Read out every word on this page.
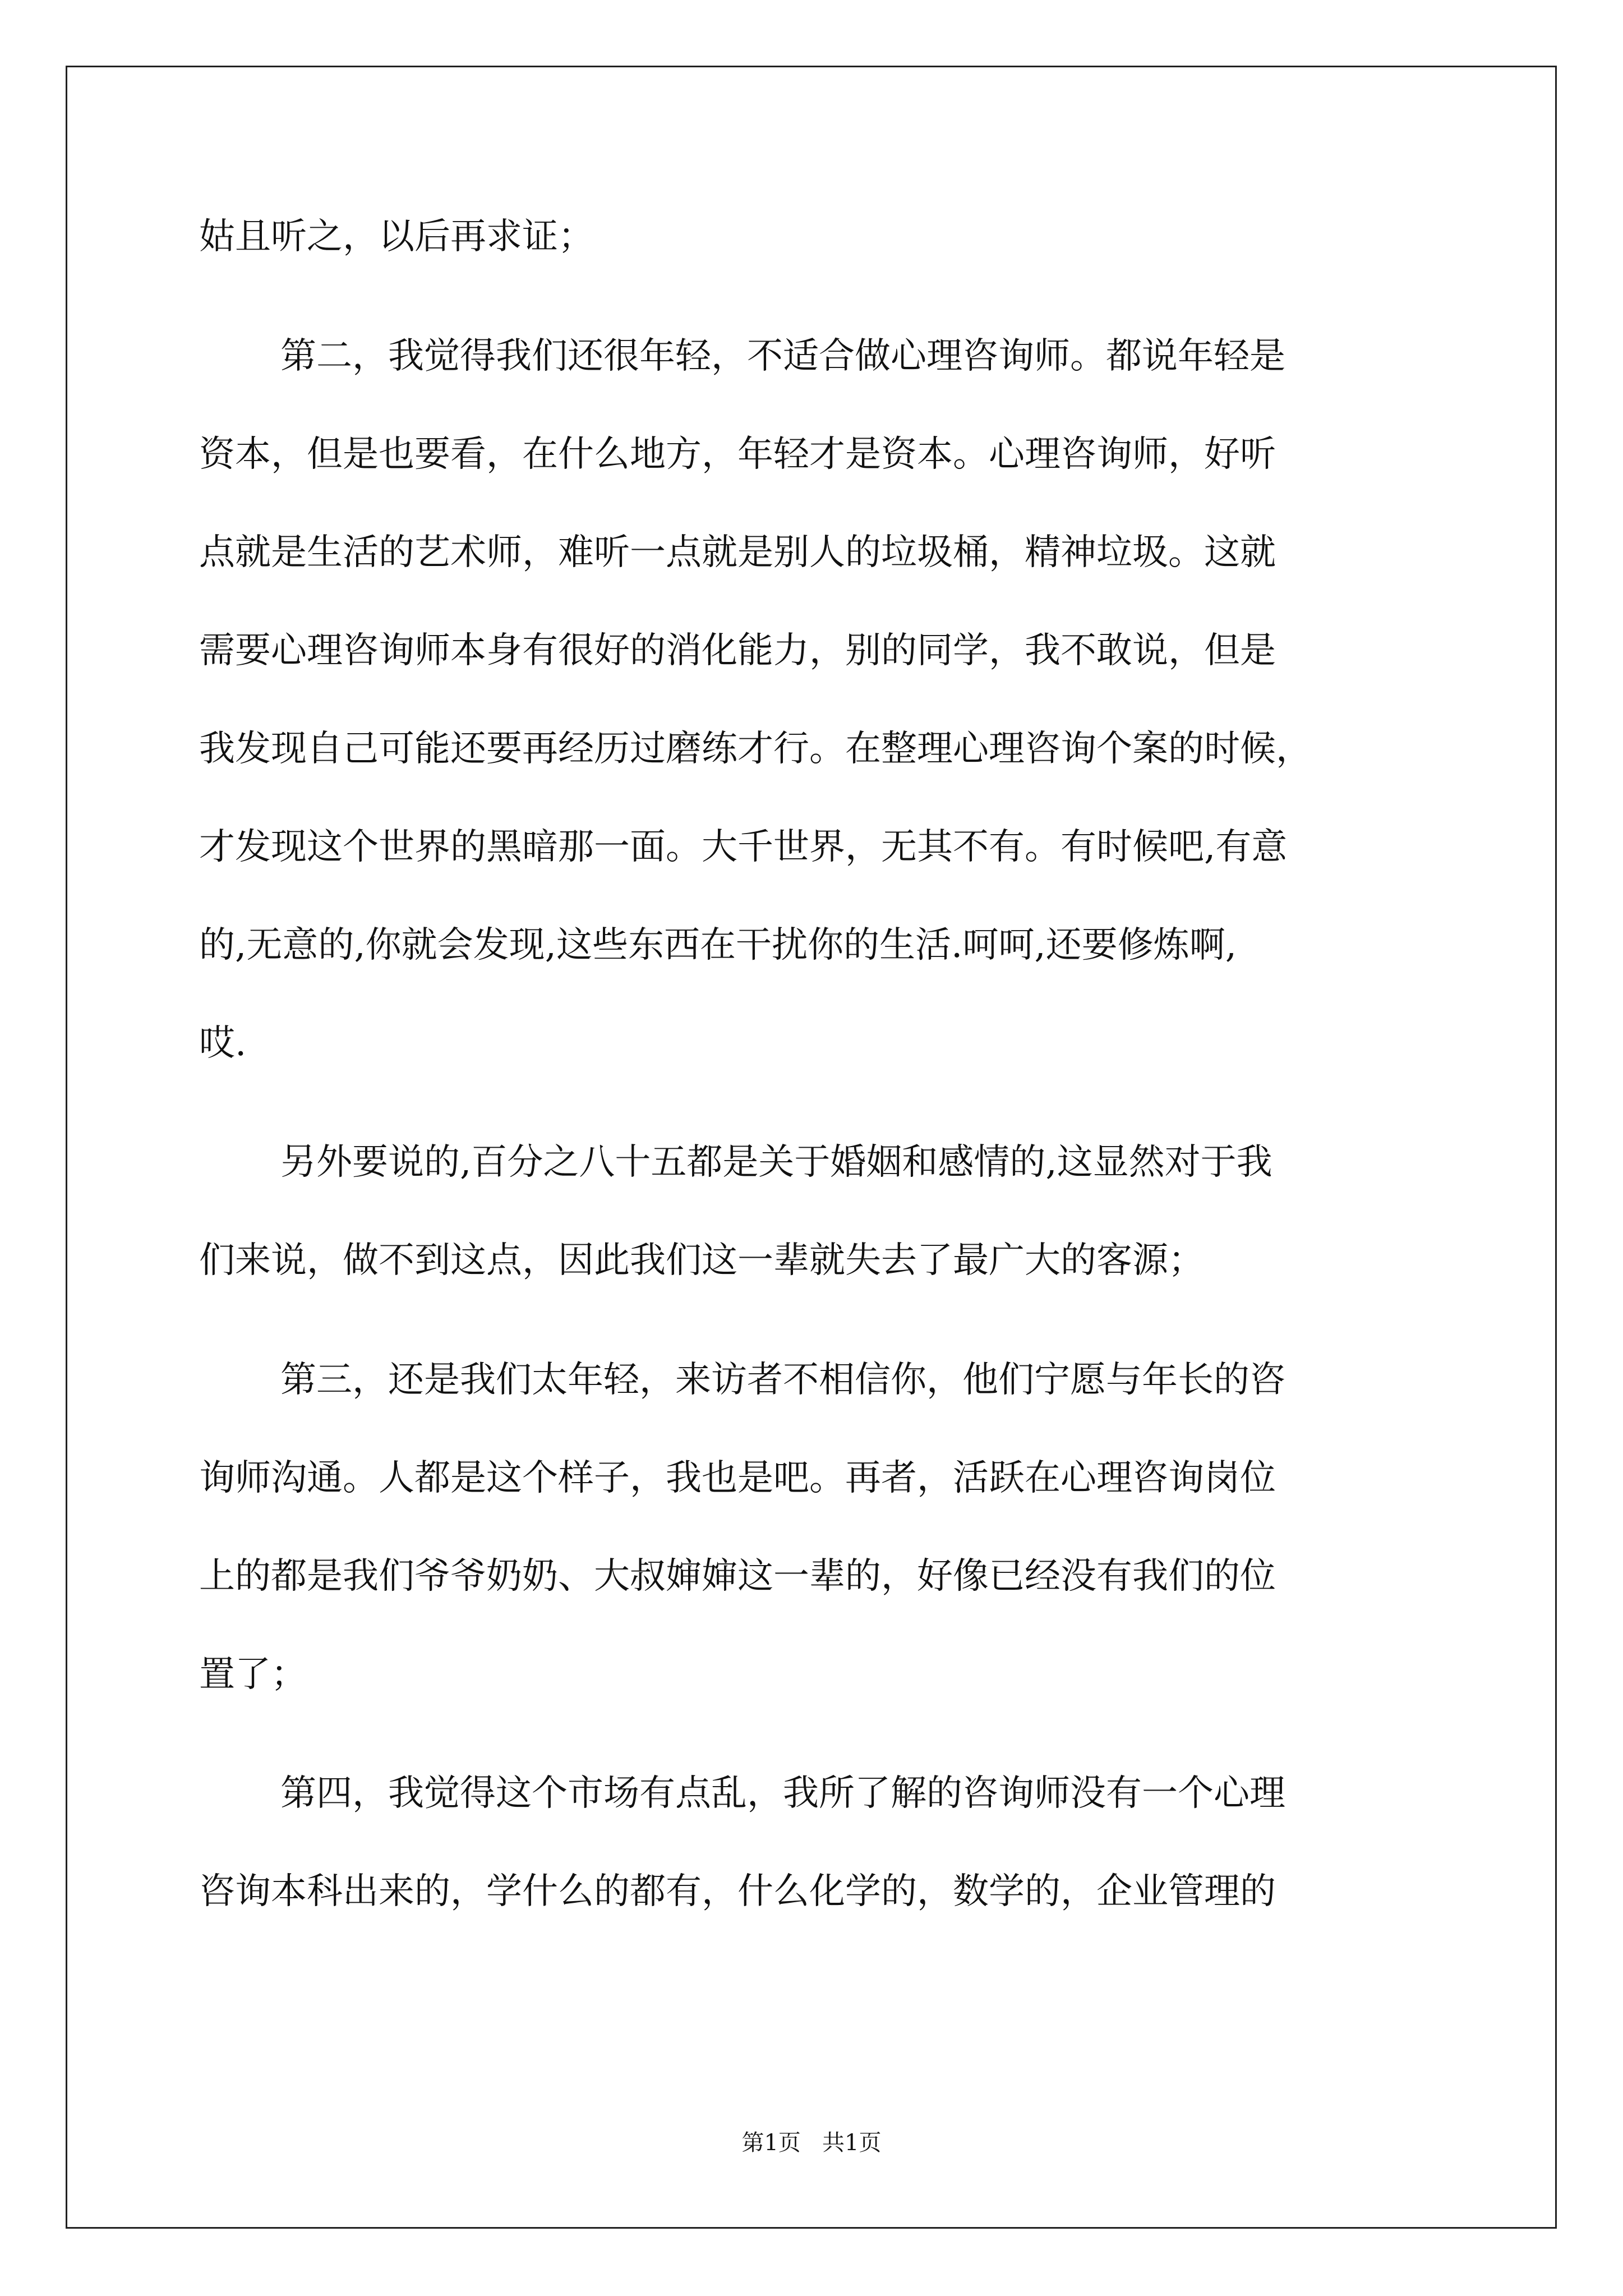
姑且听之，以后再求证；
第二，我觉得我们还很年轻，不适合做心理咨询师。都说年轻是
资本，但是也要看，在什么地方，年轻才是资本。心理咨询师，好听
点就是生活的艺术师，难听一点就是别人的垃圾桶，精神垃圾。这就
需要心理咨询师本身有很好的消化能力，别的同学，我不敢说，但是
我发现自己可能还要再经历过磨练才行。在整理心理咨询个案的时候，
才发现这个世界的黑暗那一面。大千世界，无其不有。有时候吧,有意
的,无意的,你就会发现,这些东西在干扰你的生活.呵呵,还要修炼啊,
哎.
另外要说的,百分之八十五都是关于婚姻和感情的,这显然对于我
们来说，做不到这点，因此我们这一辈就失去了最广大的客源；
第三，还是我们太年轻，来访者不相信你，他们宁愿与年长的咨
询师沟通。人都是这个样子，我也是吧。再者，活跃在心理咨询岗位
上的都是我们爷爷奶奶、大叔婶婶这一辈的，好像已经没有我们的位
置了；
第四，我觉得这个市场有点乱，我所了解的咨询师没有一个心理
咨询本科出来的，学什么的都有，什么化学的，数学的，企业管理的
第1页   共1页
